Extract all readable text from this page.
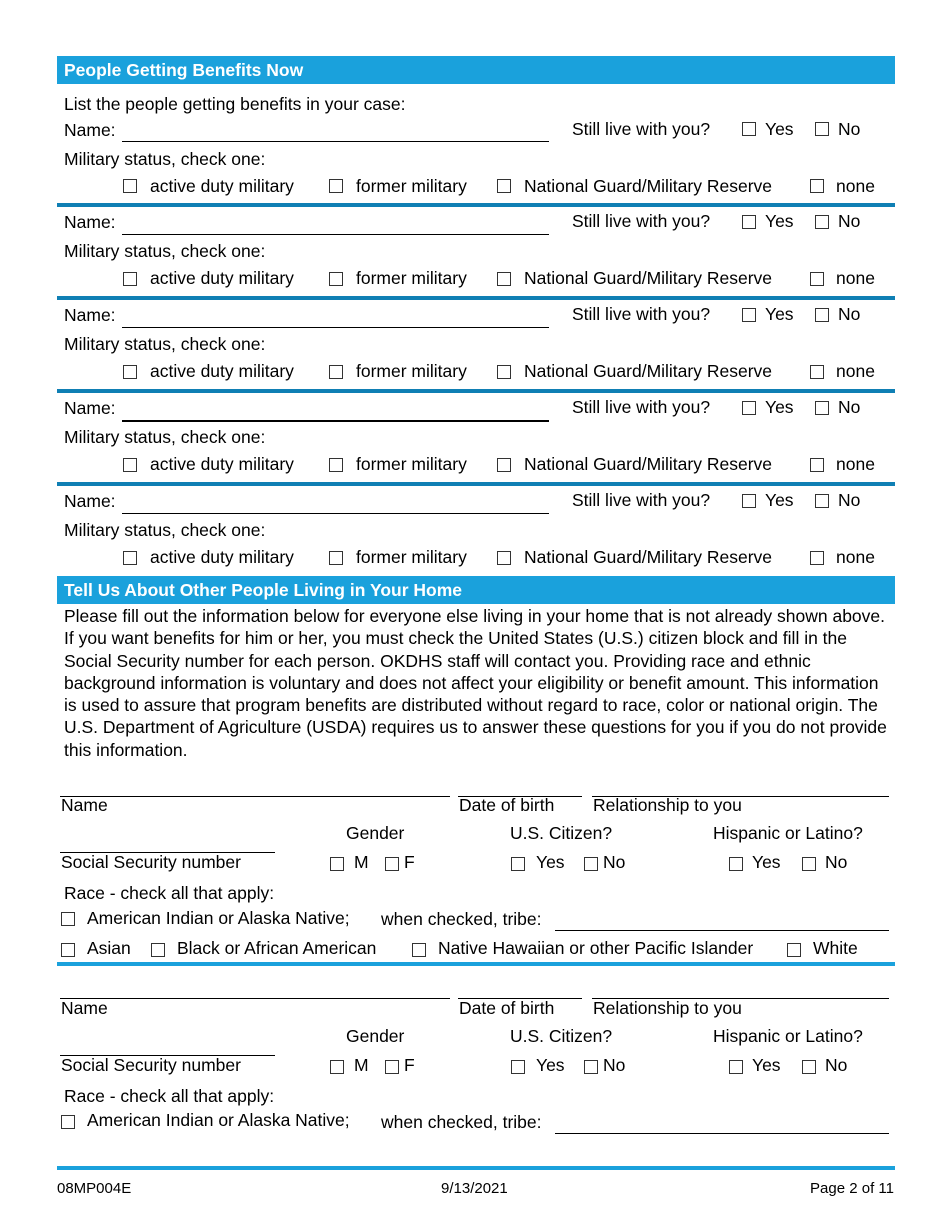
People Getting Benefits Now
List the people getting benefits in your case:
Name:	Still live with you?	Yes	No
Military status, check one:
active duty military	former military	National Guard/Military Reserve	none
Name:	Still live with you?	Yes	No
Military status, check one:
active duty military	former military	National Guard/Military Reserve	none
Name:	Still live with you?	Yes	No
Military status, check one:
active duty military	former military	National Guard/Military Reserve	none
Name:	Still live with you?	Yes	No
Military status, check one:
active duty military	former military	National Guard/Military Reserve	none
Name:	Still live with you?	Yes	No
Military status, check one:
active duty military	former military	National Guard/Military Reserve	none
Tell Us About Other People Living in Your Home
Please fill out the information below for everyone else living in your home that is not already shown above. If you want benefits for him or her, you must check the United States (U.S.) citizen block and fill in the Social Security number for each person. OKDHS staff will contact you. Providing race and ethnic background information is voluntary and does not affect your eligibility or benefit amount. This information is used to assure that program benefits are distributed without regard to race, color or national origin. The U.S. Department of Agriculture (USDA) requires us to answer these questions for you if you do not provide this information.
Name	Date of birth Relationship to you
Gender	U.S. Citizen?	Hispanic or Latino?
Social Security number	M F	Yes No	Yes	No
Race - check all that apply:
American Indian or Alaska Native; when checked, tribe:
Asian	Black or African American	Native Hawaiian or other Pacific Islander	White
Name	Date of birth Relationship to you
Gender	U.S. Citizen?	Hispanic or Latino?
Social Security number	M F	Yes No	Yes	No
Race - check all that apply:
American Indian or Alaska Native; when checked, tribe:
08MP004E	9/13/2021	Page 2 of 11
